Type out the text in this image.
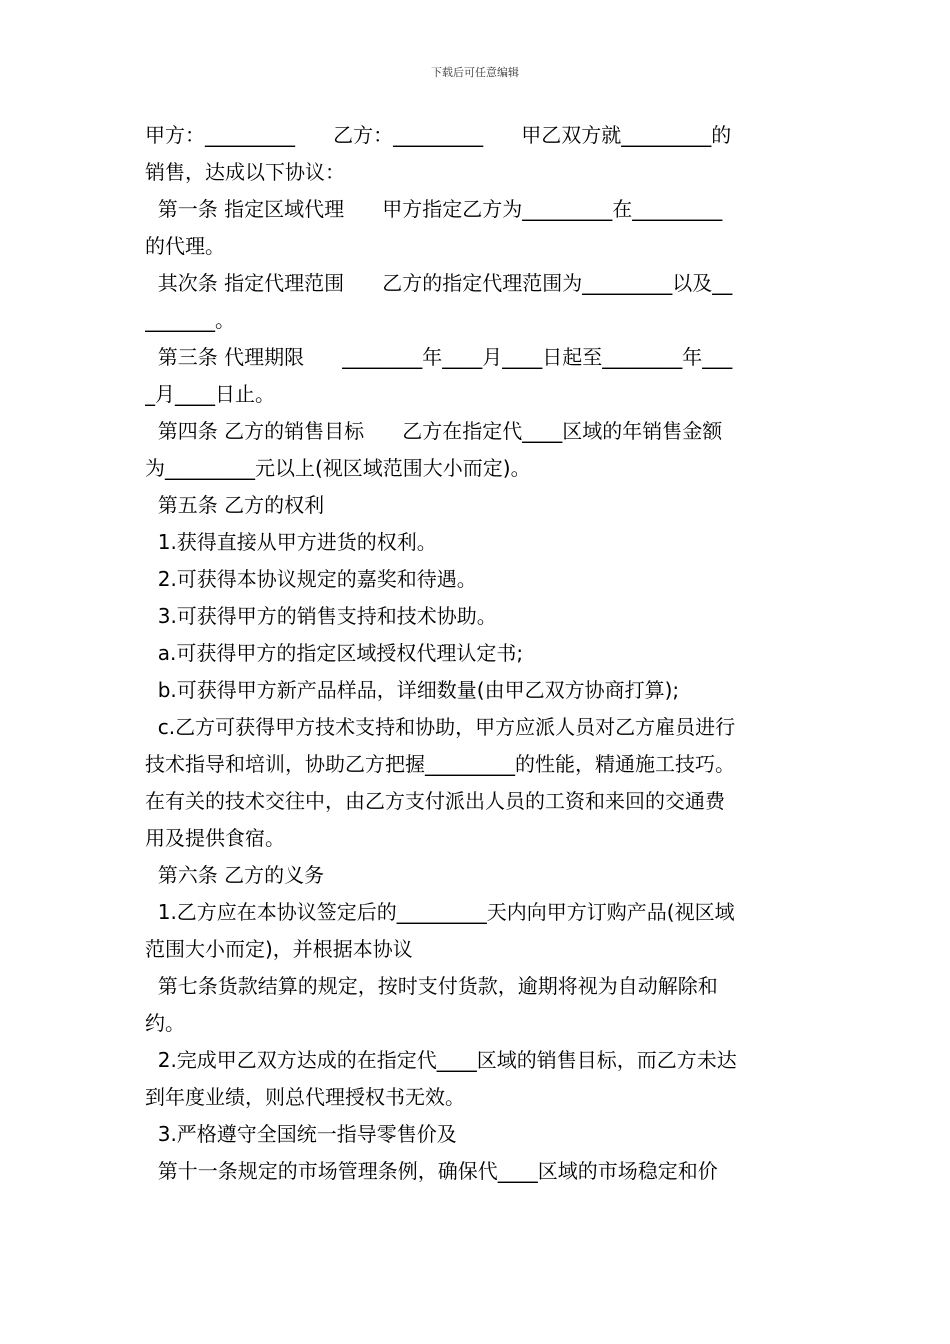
下载后可任意编辑
甲方：_________      乙方：_________      甲乙双方就_________的
销售，达成以下协议：
第一条 指定区域代理      甲方指定乙方为_________在_________
的代理。
其次条 指定代理范围      乙方的指定代理范围为_________以及__
_______。
第三条 代理期限      ________年____月____日起至________年___
_月____日止。
第四条 乙方的销售目标      乙方在指定代____区域的年销售金额
为_________元以上(视区域范围大小而定)。
第五条 乙方的权利
1.获得直接从甲方进货的权利。
2.可获得本协议规定的嘉奖和待遇。
3.可获得甲方的销售支持和技术协助。
a.可获得甲方的指定区域授权代理认定书;
b.可获得甲方新产品样品，详细数量(由甲乙双方协商打算);
c.乙方可获得甲方技术支持和协助，甲方应派人员对乙方雇员进行
技术指导和培训，协助乙方把握_________的性能，精通施工技巧。
在有关的技术交往中，由乙方支付派出人员的工资和来回的交通费
用及提供食宿。
第六条 乙方的义务
1.乙方应在本协议签定后的_________天内向甲方订购产品(视区域
范围大小而定)，并根据本协议
第七条货款结算的规定，按时支付货款，逾期将视为自动解除和
约。
2.完成甲乙双方达成的在指定代____区域的销售目标，而乙方未达
到年度业绩，则总代理授权书无效。
3.严格遵守全国统一指导零售价及
第十一条规定的市场管理条例，确保代____区域的市场稳定和价
